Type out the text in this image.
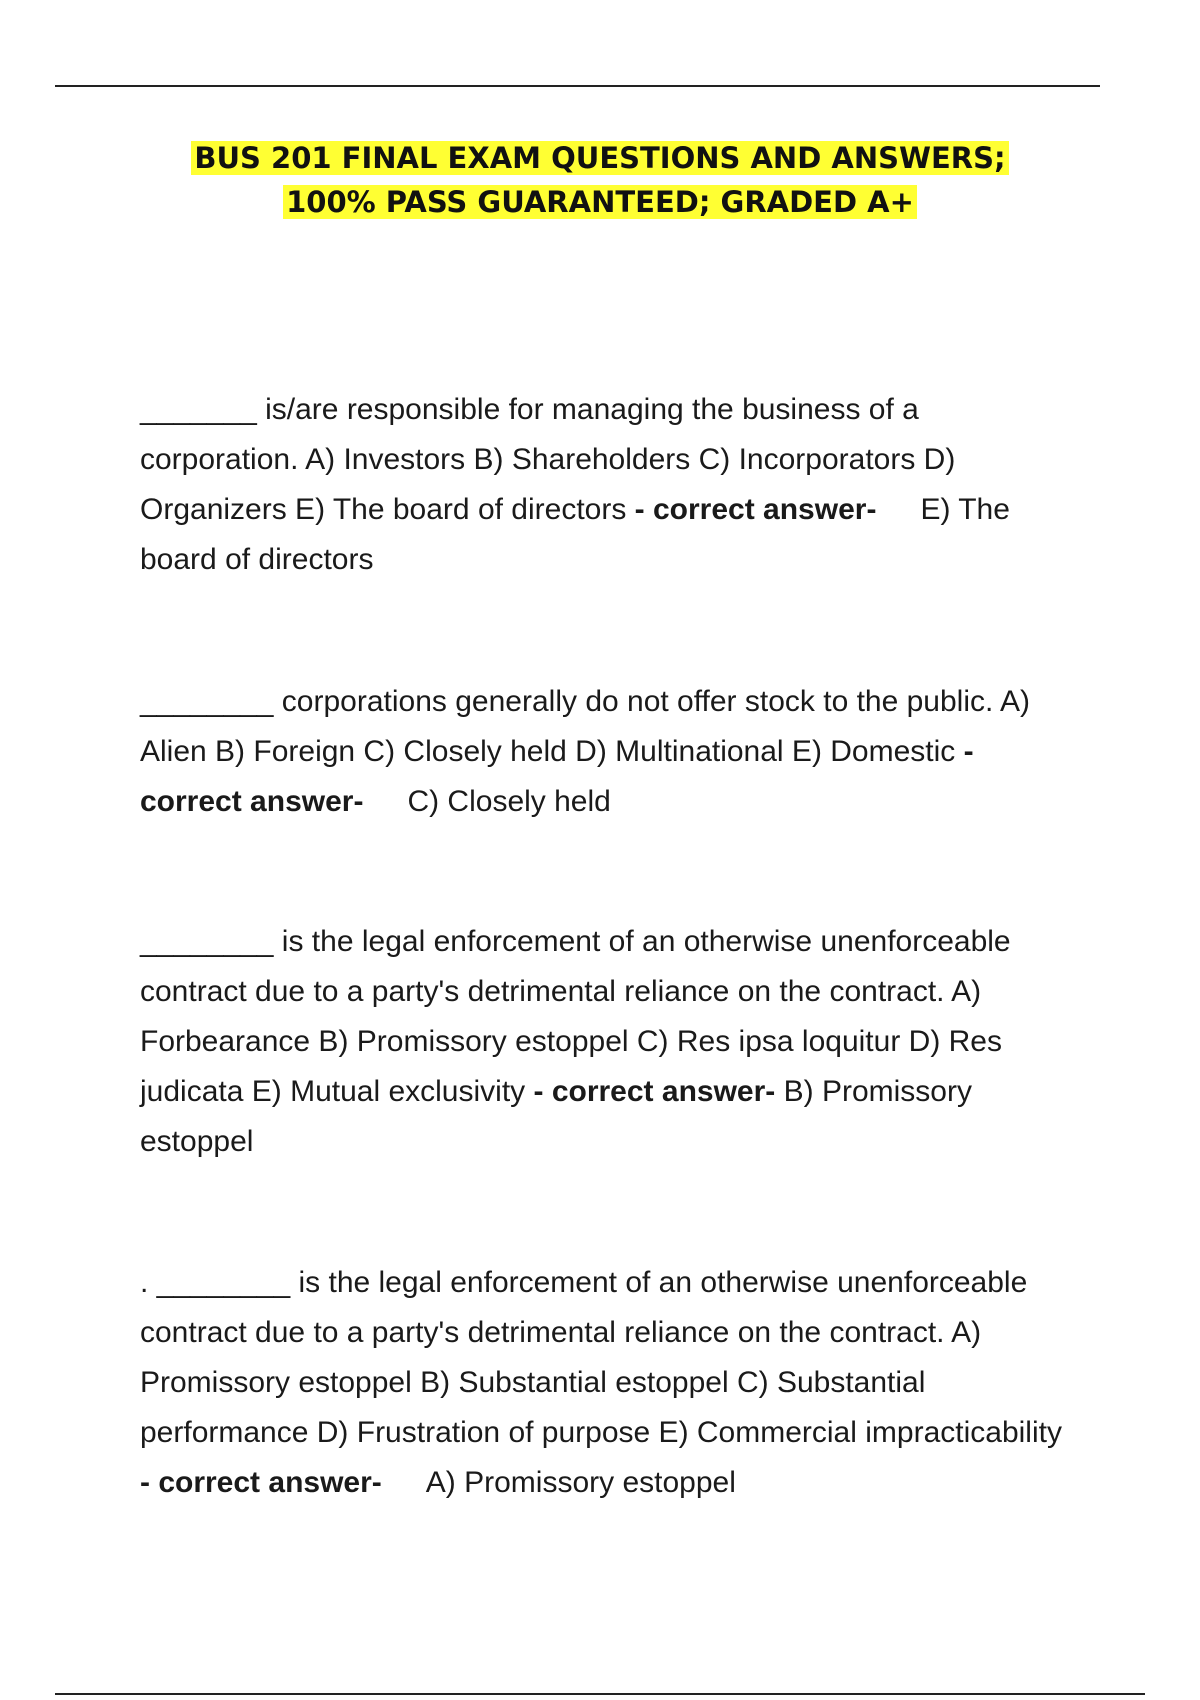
BUS 201 FINAL EXAM QUESTIONS AND ANSWERS;
100% PASS GUARANTEED; GRADED A+

_______ is/are responsible for managing the business of a corporation. A) Investors B) Shareholders C) Incorporators D) Organizers E) The board of directors - correct answer- E) The board of directors

________ corporations generally do not offer stock to the public. A) Alien B) Foreign C) Closely held D) Multinational E) Domestic - correct answer- C) Closely held

________ is the legal enforcement of an otherwise unenforceable contract due to a party's detrimental reliance on the contract. A) Forbearance B) Promissory estoppel C) Res ipsa loquitur D) Res judicata E) Mutual exclusivity - correct answer- B) Promissory estoppel

. ________ is the legal enforcement of an otherwise unenforceable contract due to a party's detrimental reliance on the contract. A) Promissory estoppel B) Substantial estoppel C) Substantial performance D) Frustration of purpose E) Commercial impracticability - correct answer- A) Promissory estoppel
